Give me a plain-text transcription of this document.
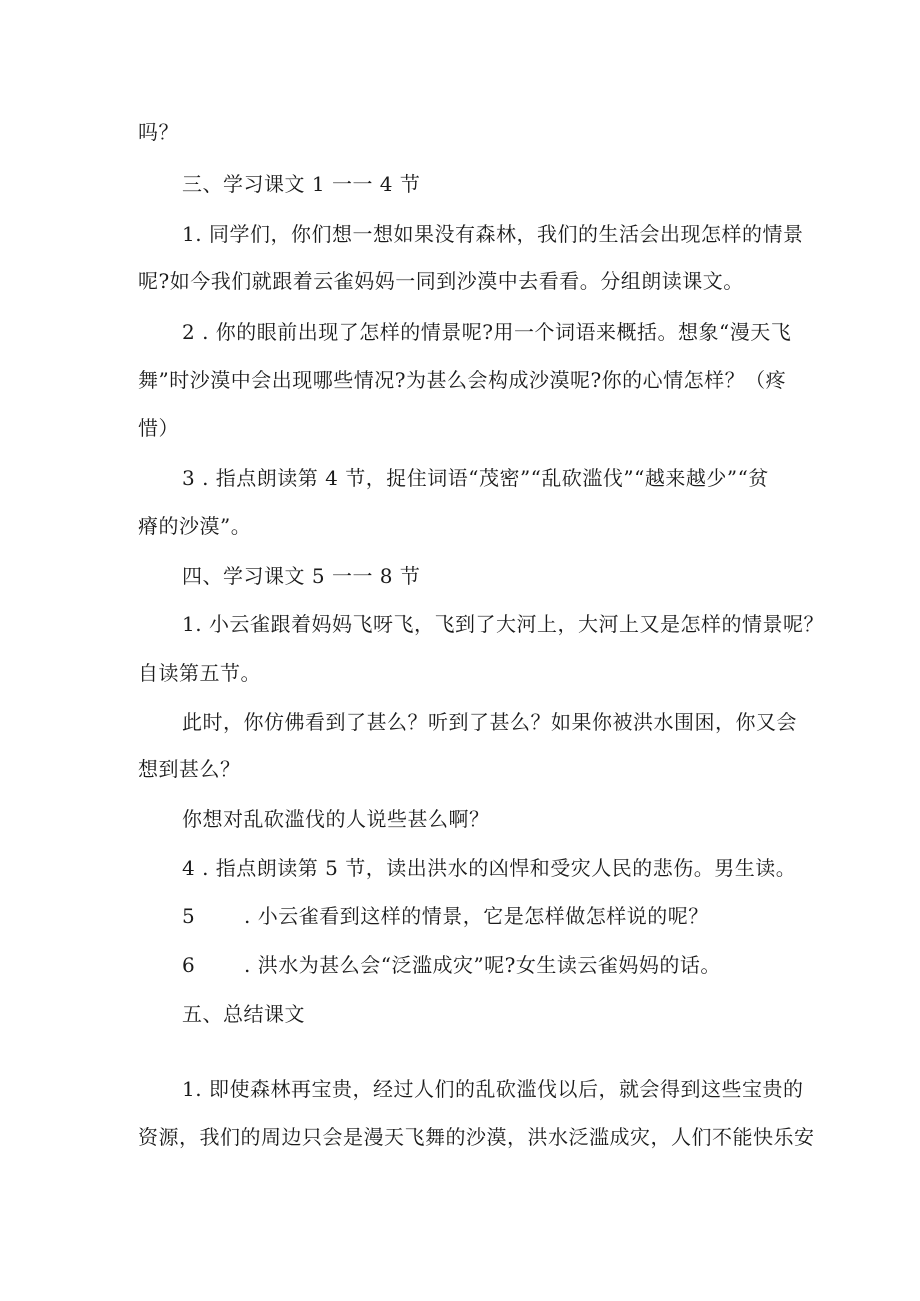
吗？
三、学习课文 1 一一 4 节
1. 同学们，你们想一想如果没有森林，我们的生活会出现怎样的情景
呢?如今我们就跟着云雀妈妈一同到沙漠中去看看。分组朗读课文。
2 . 你的眼前出现了怎样的情景呢?用一个词语来概括。想象“漫天飞
舞”时沙漠中会出现哪些情况?为甚么会构成沙漠呢?你的心情怎样？（疼
惜）
3 . 指点朗读第 4 节，捉住词语“茂密”“乱砍滥伐”“越来越少”“贫
瘠的沙漠”。
四、学习课文 5 一一 8 节
1. 小云雀跟着妈妈飞呀飞，飞到了大河上，大河上又是怎样的情景呢？
自读第五节。
此时，你仿佛看到了甚么？听到了甚么？如果你被洪水围困，你又会
想到甚么？
你想对乱砍滥伐的人说些甚么啊？
4 . 指点朗读第 5 节，读出洪水的凶悍和受灾人民的悲伤。男生读。
5 . 小云雀看到这样的情景，它是怎样做怎样说的呢？
6 . 洪水为甚么会“泛滥成灾”呢?女生读云雀妈妈的话。
五、总结课文
1. 即使森林再宝贵，经过人们的乱砍滥伐以后，就会得到这些宝贵的
资源，我们的周边只会是漫天飞舞的沙漠，洪水泛滥成灾，人们不能快乐安
